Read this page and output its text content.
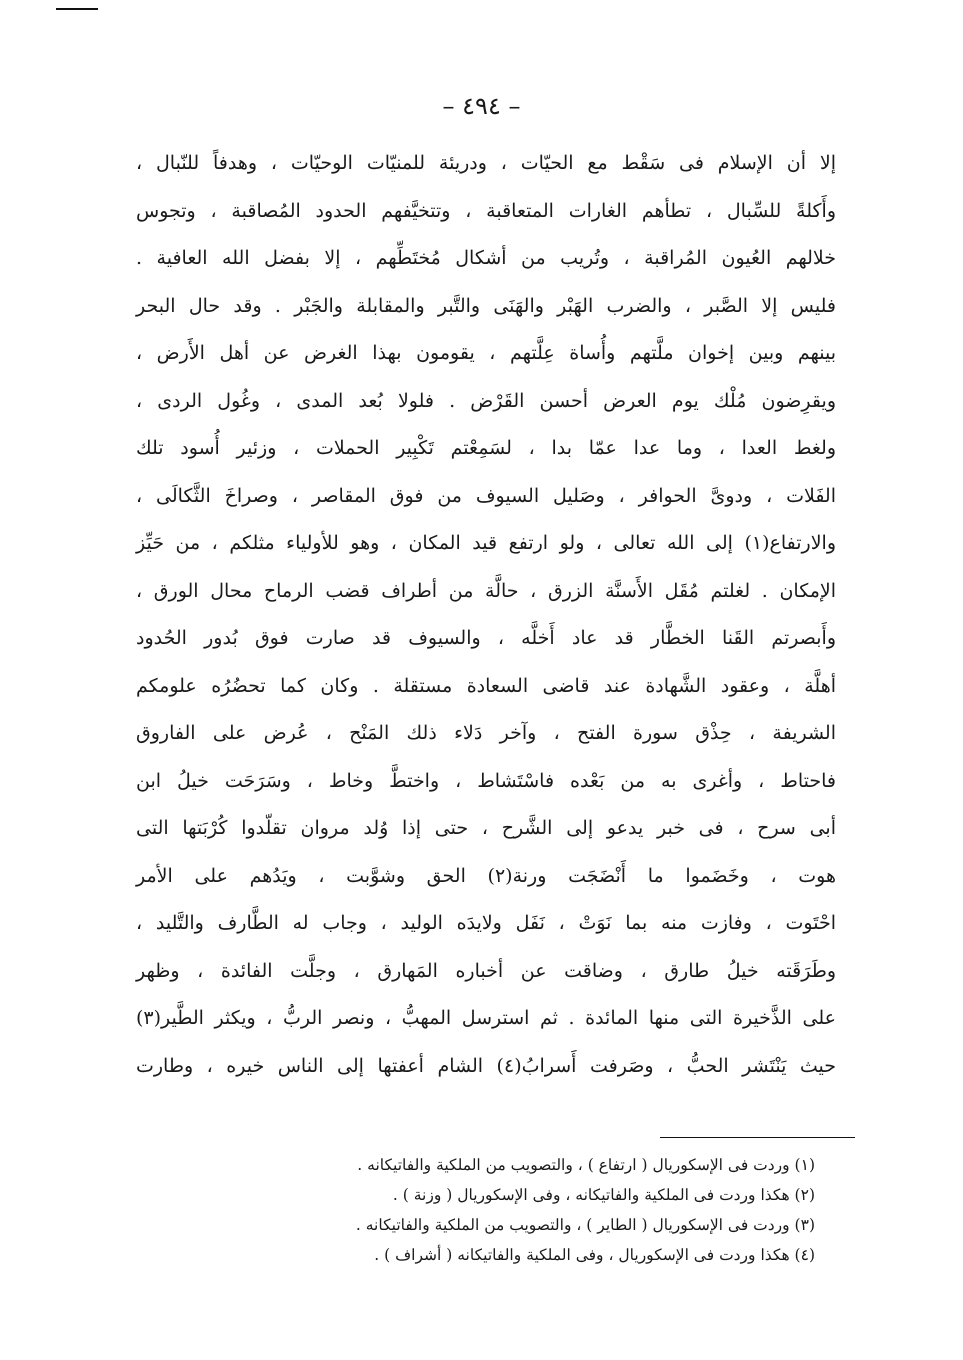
– ٤٩٤ –
إلا أن الإسلام فى سَقْط مع الحيّات ، ودريئة للمنيّات الوحيّات ، وهدفاً للنّبال ،
وأَكلةً للسِّبال ، تطأهم الغارات المتعاقبة ، وتتخيَّفهم الحدود المُصاقبة ، وتجوس
خلالهم العُيون المُراقبة ، وتُريب من أشكال مُختَطِّهم ، إلا بفضل الله العافية .
فليس إلا الصَّبر ، والضرب الهَبْر والهَنَى والتَّبر والمقابلة والجَبْر . وقد حال البحر
بينهم وبين إخوان ملَّتهم وأُساة عِلَّتهم ، يقومون بهذا الغرض عن أهل الأَرض ،
ويقرِضون مُلْك يوم العرض أحسن القَرْض . فلولا بُعد المدى ، وغُول الردى ،
ولغط العدا ، وما عدا عمّا بدا ، لسَمِعْتم تَكْبِير الحملات ، وزئير أُسود تلك
الفَلات ، ودوىَّ الحوافر ، وصَليل السيوف من فوق المقاصر ، وصراخَ الثَّكالَى ،
والارتفاع(١) إلى الله تعالى ، ولو ارتفع قيد المكان ، وهو للأولياء مثلكم ، من حَيِّز
الإمكان . لغلتم مُقَل الأَسنَّة الزرق ، حالَّة من أطراف قضب الرماح محال الورق ،
وأَبصرتم القَنا الخطَّار قد عاد أَخلَّه ، والسيوف قد صارت فوق بُدور الحُدود
أهلَّة ، وعقود الشَّهادة عند قاضى السعادة مستقلة . وكان كما تحضُرُه علومكم
الشريفة ، حِذْق سورة الفتح ، وآخر دَلاء ذلك المَنْح ، عُرض على الفاروق
فاحتاط ، وأغرى به من بَعْده فاسْتَشاط ، واختطَّ وخاط ، وسَرَحَت خيلُ ابن
أبى سرح ، فى خبر يدعو إلى الشَّرح ، حتى إذا وُلد مروان تقلّدوا كُرْبَتها التى
هوت ، وخَضَموا ما أَنْضَجَت ورنة(٢) الحق وشوَّبت ، ويَدُهم على الأمر
احْتَوت ، وفازت منه بما نَوَتْ ، نَفَل ولايدَه الوليد ، وجاب له الطَّارف والتَّليد ،
وطَرَقَته خيلُ طارق ، وضاقت عن أخباره المَهارق ، وجلَّت الفائدة ، وظهر
على الذَّخيرة التى منها المائدة . ثم استرسل المهبُّ ، ونصر الربُّ ، ويكثر الطَّير(٣)
حيث يَنْتَشر الحبُّ ، وصَرفت أَسرابُ(٤) الشام أعفتها إلى الناس خيره ، وطارت
(١) وردت فى الإسكوريال ( ارتفاع ) ، والتصويب من الملكية والفاتيكانه .
(٢) هكذا وردت فى الملكية والفاتيكانه ، وفى الإسكوريال ( وزنة ) .
(٣) وردت فى الإسكوريال ( الطاير ) ، والتصويب من الملكية والفاتيكانه .
(٤) هكذا وردت فى الإسكوريال ، وفى الملكية والفاتيكانه ( أشراف ) .
